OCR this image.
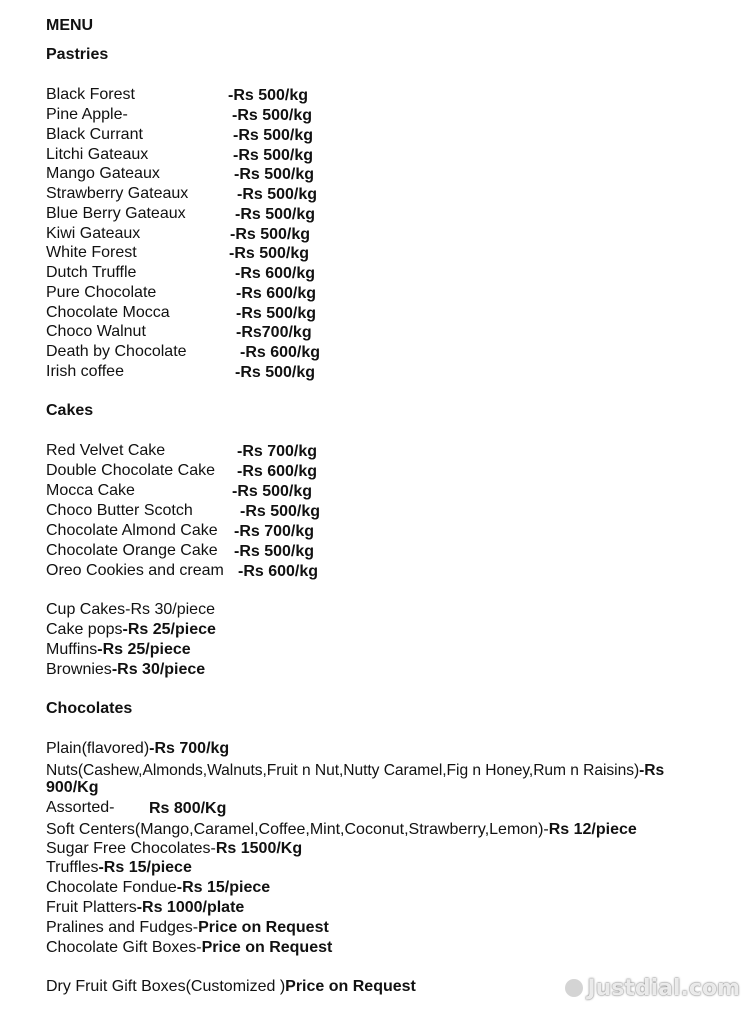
MENU
Pastries
Black Forest	-Rs 500/kg
Pine Apple-	-Rs 500/kg
Black Currant	-Rs 500/kg
Litchi Gateaux	-Rs 500/kg
Mango Gateaux	-Rs 500/kg
Strawberry Gateaux	-Rs 500/kg
Blue Berry Gateaux	-Rs 500/kg
Kiwi Gateaux	-Rs 500/kg
White Forest	-Rs 500/kg
Dutch Truffle	-Rs 600/kg
Pure Chocolate	-Rs 600/kg
Chocolate Mocca	-Rs 500/kg
Choco Walnut	-Rs700/kg
Death by Chocolate	-Rs 600/kg
Irish coffee	-Rs 500/kg
Cakes
Red Velvet Cake	-Rs 700/kg
Double Chocolate Cake -Rs 600/kg
Mocca Cake	-Rs 500/kg
Choco Butter Scotch	-Rs 500/kg
Chocolate Almond Cake -Rs 700/kg
Chocolate Orange Cake -Rs 500/kg
Oreo Cookies and cream -Rs 600/kg
Cup Cakes-Rs 30/piece
Cake pops-Rs 25/piece
Muffins-Rs 25/piece
Brownies-Rs 30/piece
Chocolates
Plain(flavored)-Rs 700/kg
Nuts(Cashew,Almonds,Walnuts,Fruit n Nut,Nutty Caramel,Fig n Honey,Rum n Raisins)-Rs
900/Kg
Assorted- Rs 800/Kg
Soft Centers(Mango,Caramel,Coffee,Mint,Coconut,Strawberry,Lemon)-Rs 12/piece
Sugar Free Chocolates-Rs 1500/Kg
Truffles-Rs 15/piece
Chocolate Fondue-Rs 15/piece
Fruit Platters-Rs 1000/plate
Pralines and Fudges-Price on Request
Chocolate Gift Boxes-Price on Request
Dry Fruit Gift Boxes(Customized )Price on Request	Justdial.com
